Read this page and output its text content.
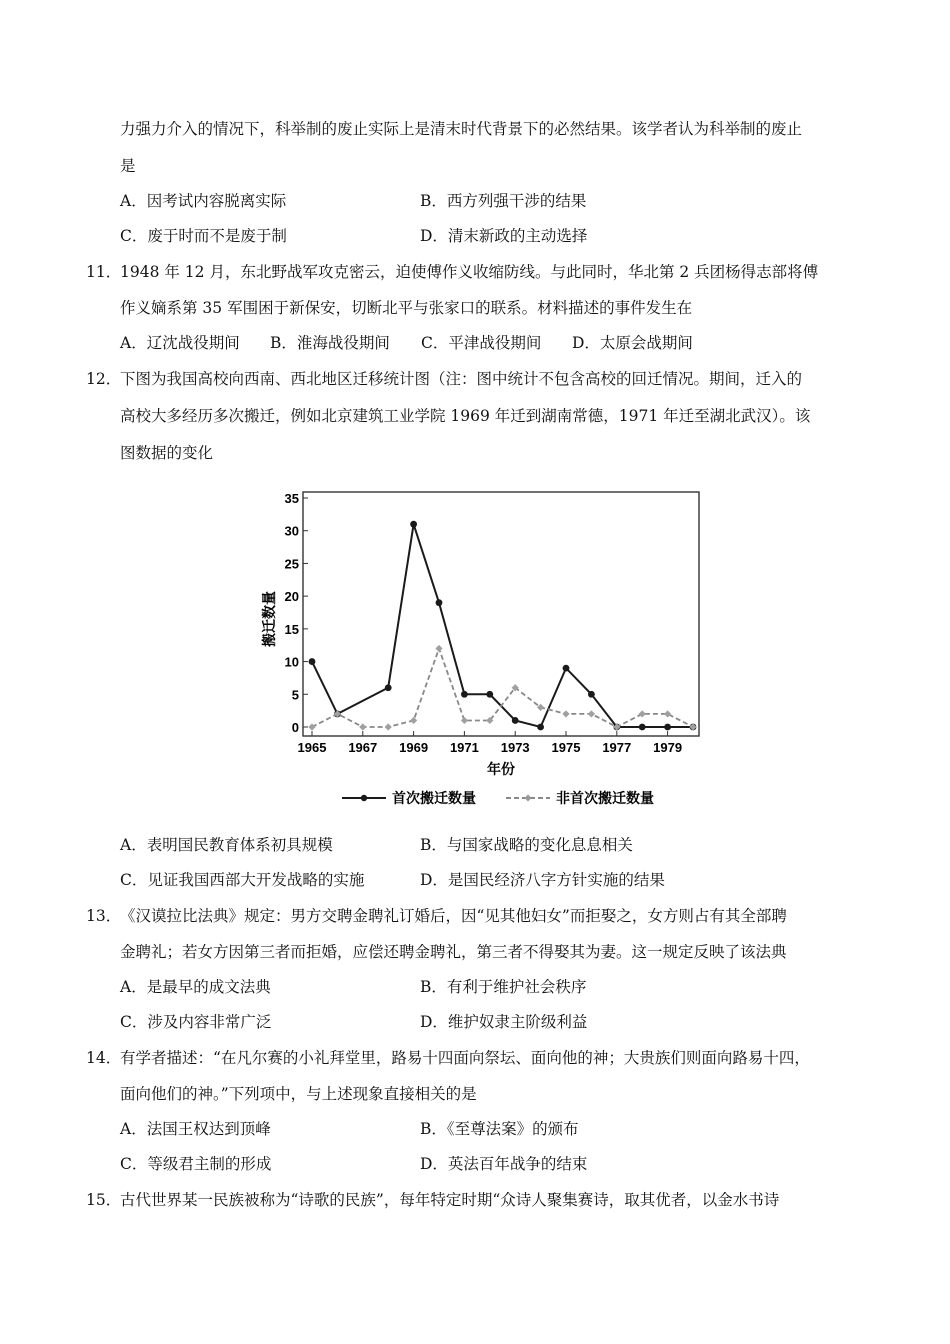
力强力介入的情况下，科举制的废止实际上是清末时代背景下的必然结果。该学者认为科举制的废止
是
A．因考试内容脱离实际	B．西方列强干涉的结果
C．废于时而不是废于制	D．清末新政的主动选择
11．
1948 年 12 月，东北野战军攻克密云，迫使傅作义收缩防线。与此同时，华北第 2 兵团杨得志部将傅
作义嫡系第 35 军围困于新保安，切断北平与张家口的联系。材料描述的事件发生在
A．辽沈战役期间 B．淮海战役期间 C．平津战役期间 D．太原会战期间
12．
下图为我国高校向西南、西北地区迁移统计图（注：图中统计不包含高校的回迁情况。期间，迁入的
高校大多经历多次搬迁，例如北京建筑工业学院 1969 年迁到湖南常德，1971 年迁至湖北武汉）。该
图数据的变化
0
5
10
15
20
25
30
35
1965 1967 1969 1971 1973 1975 1977 1979
搬迁数量
年份
首次搬迁数量	非首次搬迁数量
A．表明国民教育体系初具规模	B．与国家战略的变化息息相关
C．见证我国西部大开发战略的实施	D．是国民经济八字方针实施的结果
13．
《汉谟拉比法典》规定：男方交聘金聘礼订婚后，因“见其他妇女”而拒娶之，女方则占有其全部聘
金聘礼；若女方因第三者而拒婚，应偿还聘金聘礼，第三者不得娶其为妻。这一规定反映了该法典
A．是最早的成文法典	B．有利于维护社会秩序
C．涉及内容非常广泛	D．维护奴隶主阶级利益
14．
有学者描述：“在凡尔赛的小礼拜堂里，路易十四面向祭坛、面向他的神；大贵族们则面向路易十四，
面向他们的神。”下列项中，与上述现象直接相关的是
A．法国王权达到顶峰	B．《至尊法案》的颁布
C．等级君主制的形成	D．英法百年战争的结束
15．
古代世界某一民族被称为“诗歌的民族”，每年特定时期“众诗人聚集赛诗，取其优者，以金水书诗
